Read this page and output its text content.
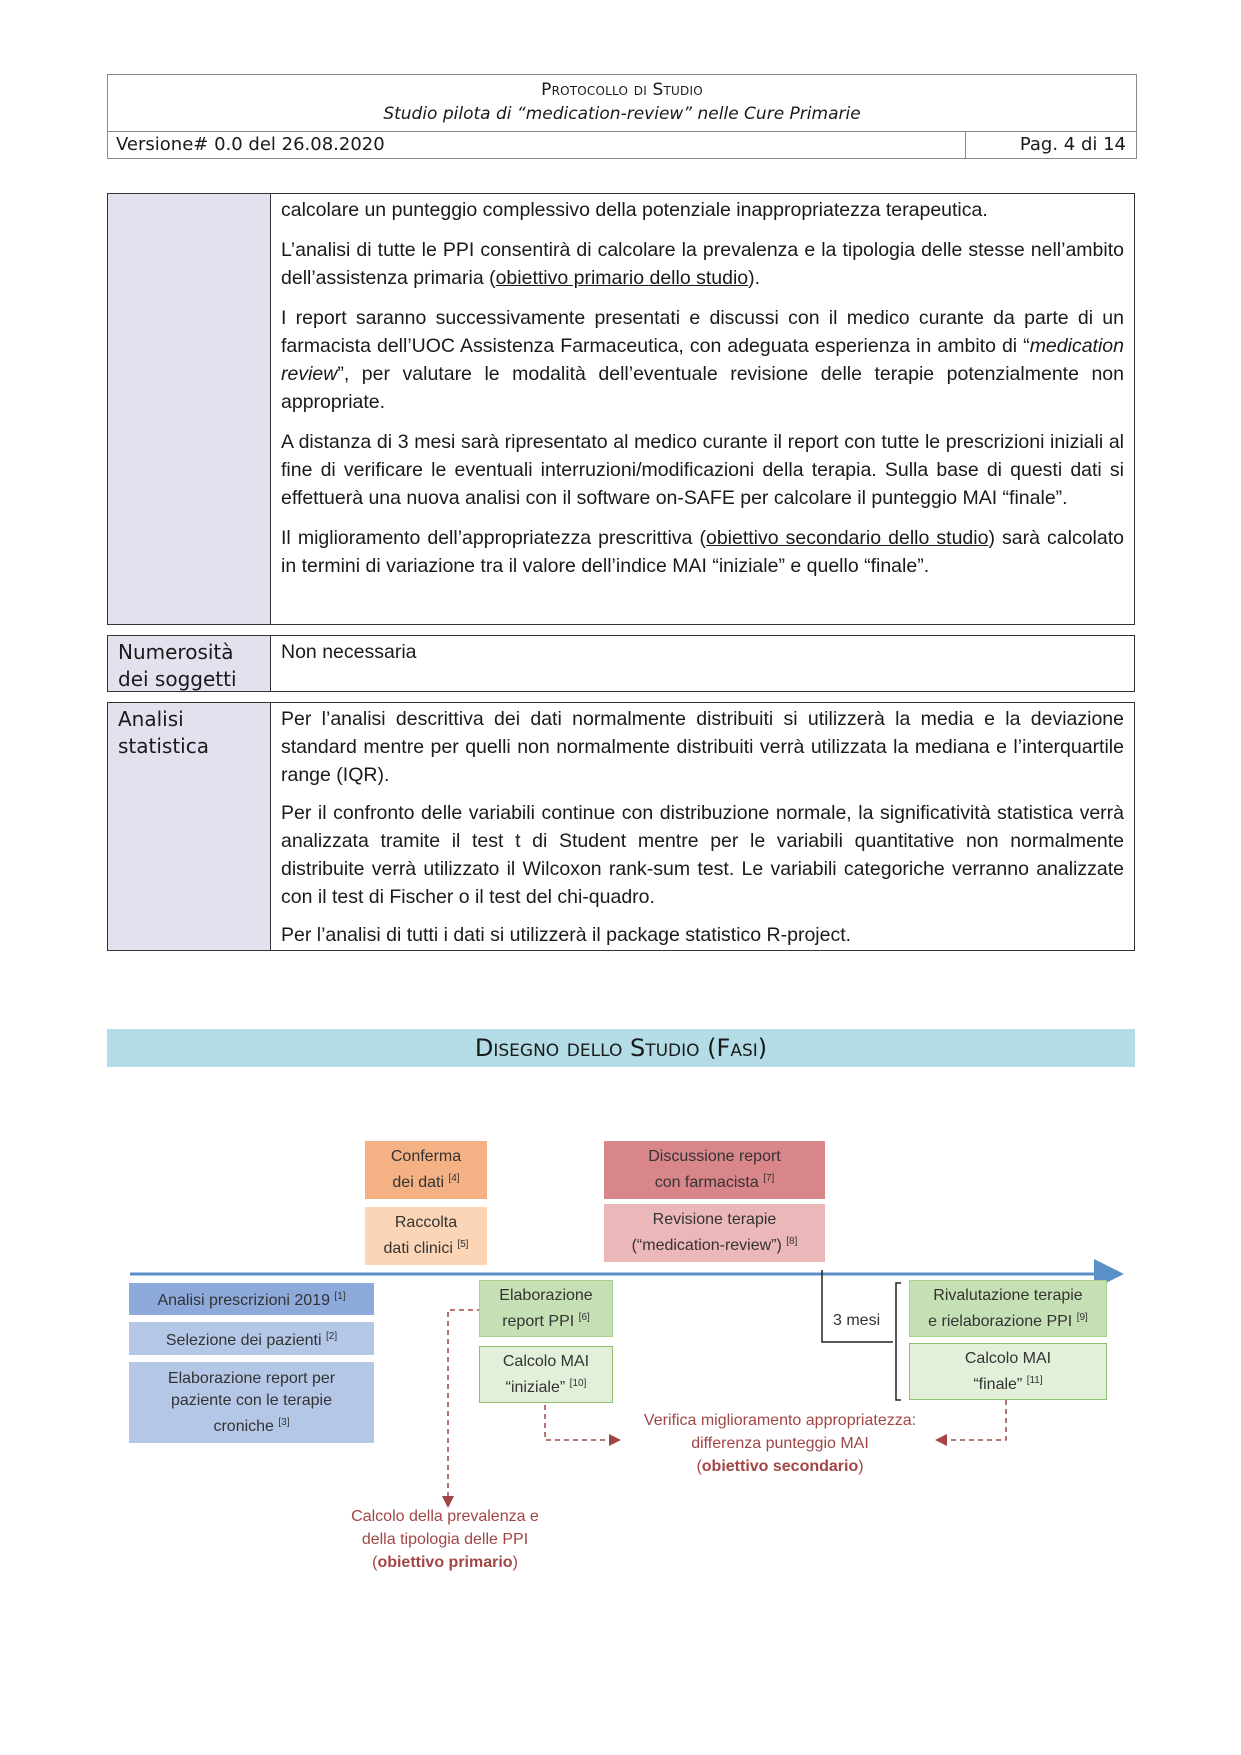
Protocollo di Studio
Studio pilota di “medication-review” nelle Cure Primarie
Versione# 0.0 del 26.08.2020	Pag. 4 di 14

calcolare un punteggio complessivo della potenziale inappropriatezza terapeutica.

L’analisi di tutte le PPI consentirà di calcolare la prevalenza e la tipologia delle stesse nell’ambito dell’assistenza primaria (obiettivo primario dello studio).

I report saranno successivamente presentati e discussi con il medico curante da parte di un farmacista dell’UOC Assistenza Farmaceutica, con adeguata esperienza in ambito di “medication review”, per valutare le modalità dell’eventuale revisione delle terapie potenzialmente non appropriate.

A distanza di 3 mesi sarà ripresentato al medico curante il report con tutte le prescrizioni iniziali al fine di verificare le eventuali interruzioni/modificazioni della terapia. Sulla base di questi dati si effettuerà una nuova analisi con il software on-SAFE per calcolare il punteggio MAI “finale”.

Il miglioramento dell’appropriatezza prescrittiva (obiettivo secondario dello studio) sarà calcolato in termini di variazione tra il valore dell’indice MAI “iniziale” e quello “finale”.

Numerosità dei soggetti
Non necessaria
Analisi statistica

Per l’analisi descrittiva dei dati normalmente distribuiti si utilizzerà la media e la deviazione standard mentre per quelli non normalmente distribuiti verrà utilizzata la mediana e l’interquartile range (IQR).

Per il confronto delle variabili continue con distribuzione normale, la significatività statistica verrà analizzata tramite il test t di Student mentre per le variabili quantitative non normalmente distribuite verrà utilizzato il Wilcoxon rank-sum test. Le variabili categoriche verranno analizzate con il test di Fischer o il test del chi-quadro.

Per l’analisi di tutti i dati si utilizzerà il package statistico R-project.

Disegno dello Studio (Fasi)
Conferma
dei dati [4]
Raccolta
dati clinici [5]
Discussione report
con farmacista [7]
Revisione terapie
(“medication-review”) [8]
Analisi prescrizioni 2019 [1]
Selezione dei pazienti [2]
Elaborazione report per
paziente con le terapie
croniche [3]
Elaborazione
report PPI [6]
Calcolo MAI
“iniziale” [10]
3 mesi
Rivalutazione terapie
e rielaborazione PPI [9]
Calcolo MAI
“finale” [11]
Verifica miglioramento appropriatezza:
differenza punteggio MAI
(obiettivo secondario)
Calcolo della prevalenza e
della tipologia delle PPI
(obiettivo primario)
